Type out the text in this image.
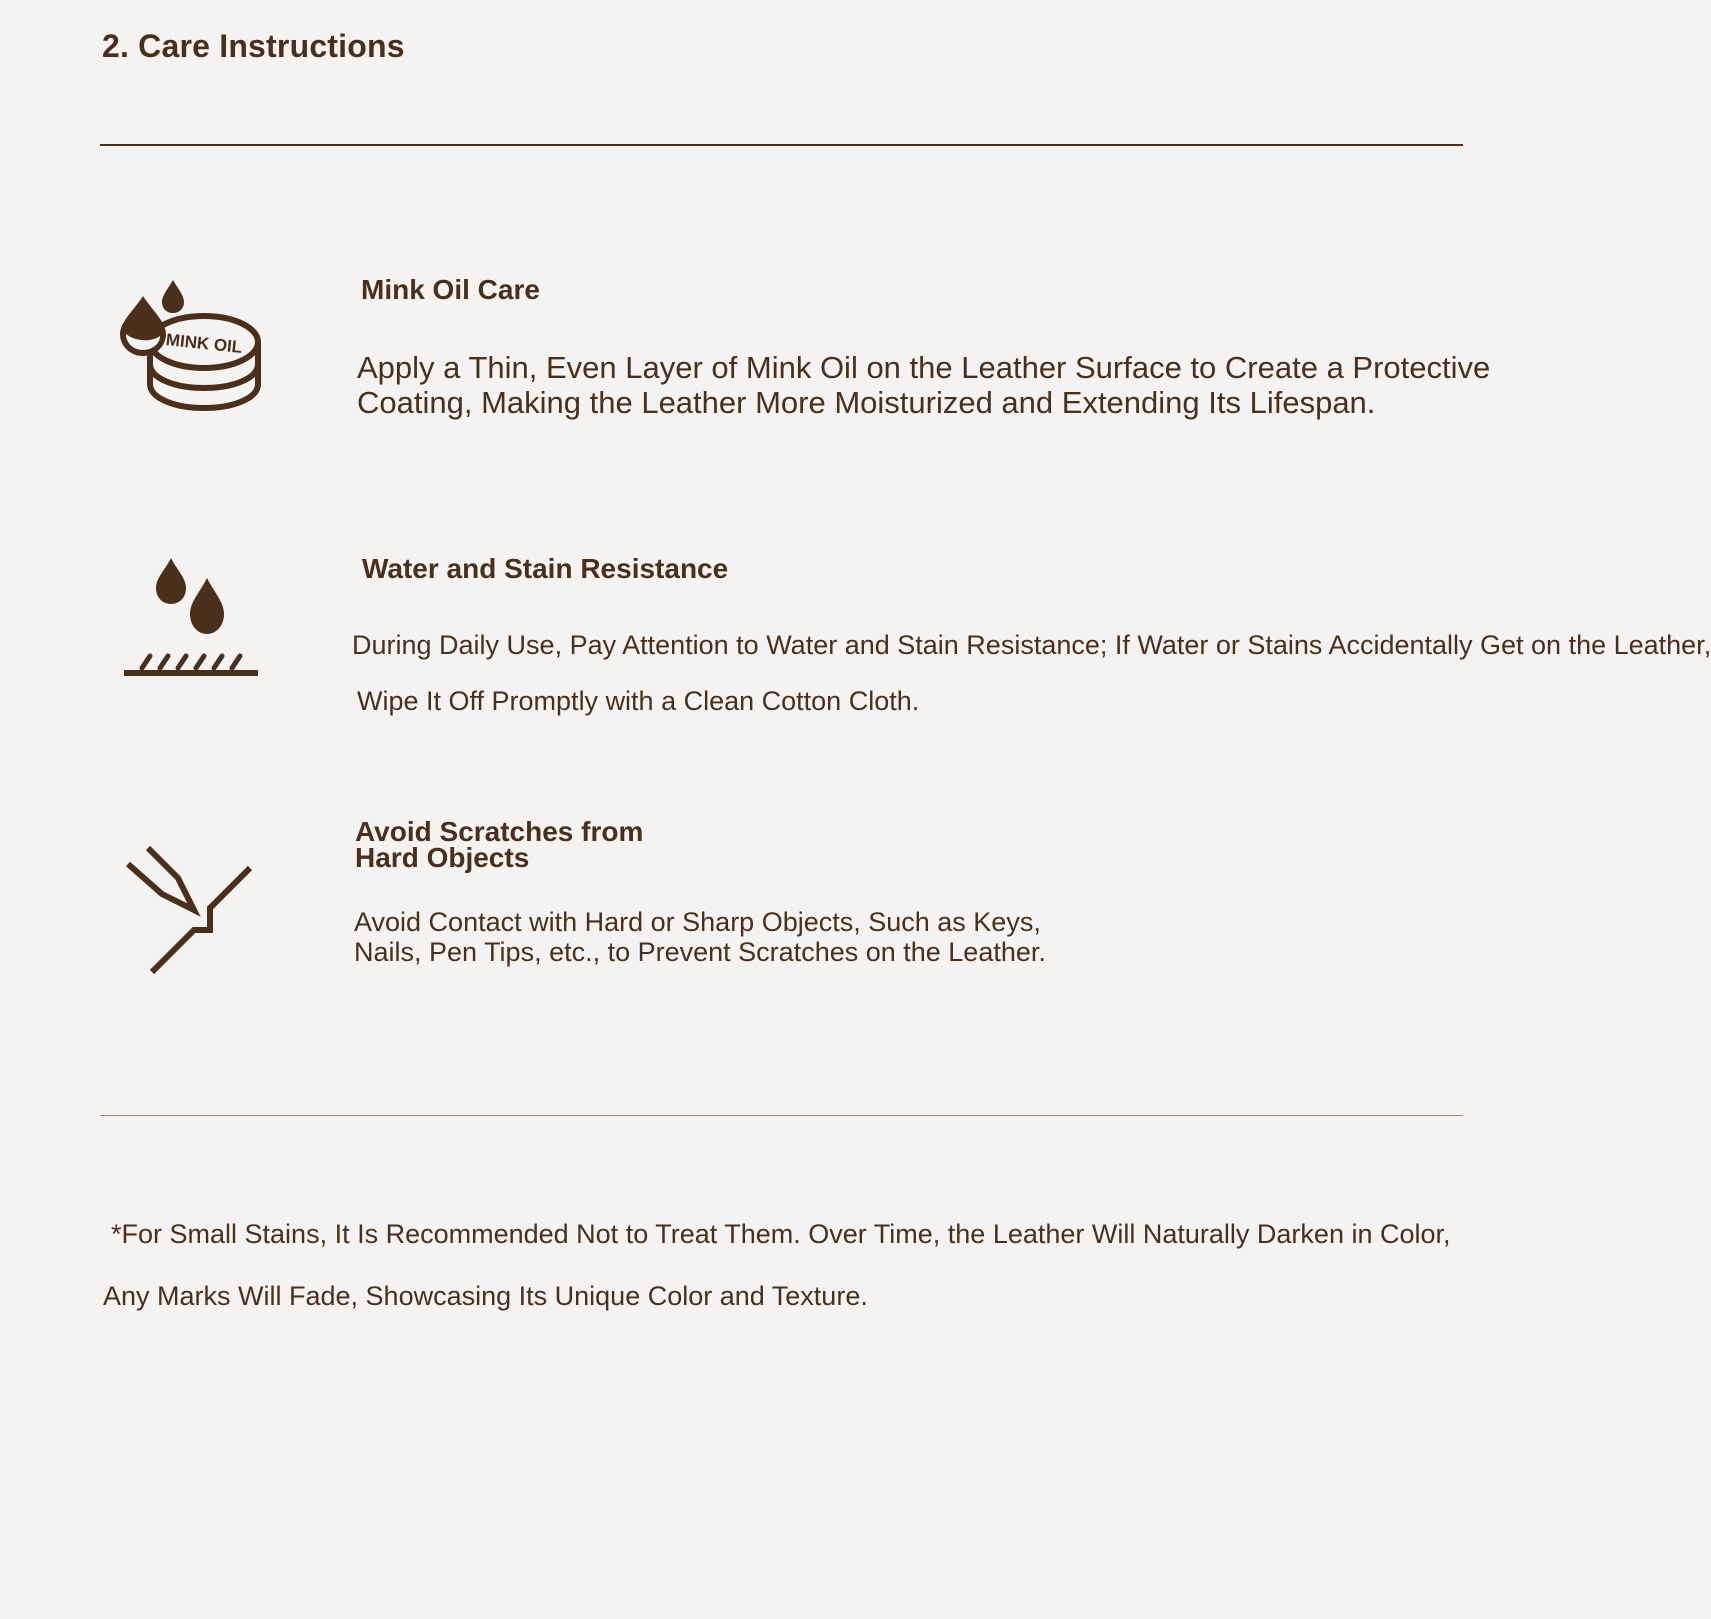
2. Care Instructions
MINK OIL
Mink Oil Care
Apply a Thin, Even Layer of Mink Oil on the Leather Surface to Create a Protective
Coating, Making the Leather More Moisturized and Extending Its Lifespan.
Water and Stain Resistance
During Daily Use, Pay Attention to Water and Stain Resistance; If Water or Stains Accidentally Get on the Leather,
Wipe It Off Promptly with a Clean Cotton Cloth.
Avoid Scratches from
Hard Objects
Avoid Contact with Hard or Sharp Objects, Such as Keys,
Nails, Pen Tips, etc., to Prevent Scratches on the Leather.
*For Small Stains, It Is Recommended Not to Treat Them. Over Time, the Leather Will Naturally Darken in Color,
Any Marks Will Fade, Showcasing Its Unique Color and Texture.
